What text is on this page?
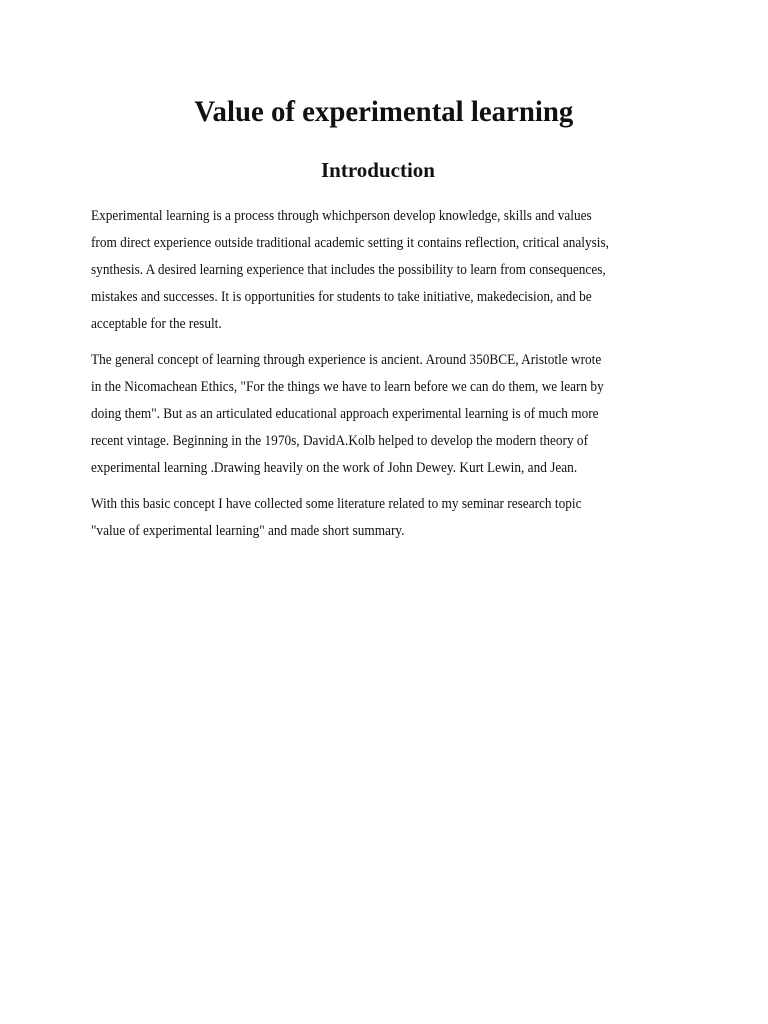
Value of experimental learning
Introduction
Experimental learning is a process through whichperson develop knowledge, skills and values
from direct experience outside traditional academic setting it contains reflection, critical analysis,
synthesis. A desired learning experience that includes the possibility to learn from consequences,
mistakes and successes. It is opportunities for students to take initiative, makedecision, and be
acceptable for the result.
The general concept of learning through experience is ancient. Around 350BCE, Aristotle wrote
in the Nicomachean Ethics, "For the things we have to learn before we can do them, we learn by
doing them". But as an articulated educational approach experimental learning is of much more
recent vintage. Beginning in the 1970s, DavidA.Kolb helped to develop the modern theory of
experimental learning .Drawing heavily on the work of John Dewey. Kurt Lewin, and Jean.
With this basic concept I have collected some literature related to my seminar research topic
"value of experimental learning" and made short summary.
